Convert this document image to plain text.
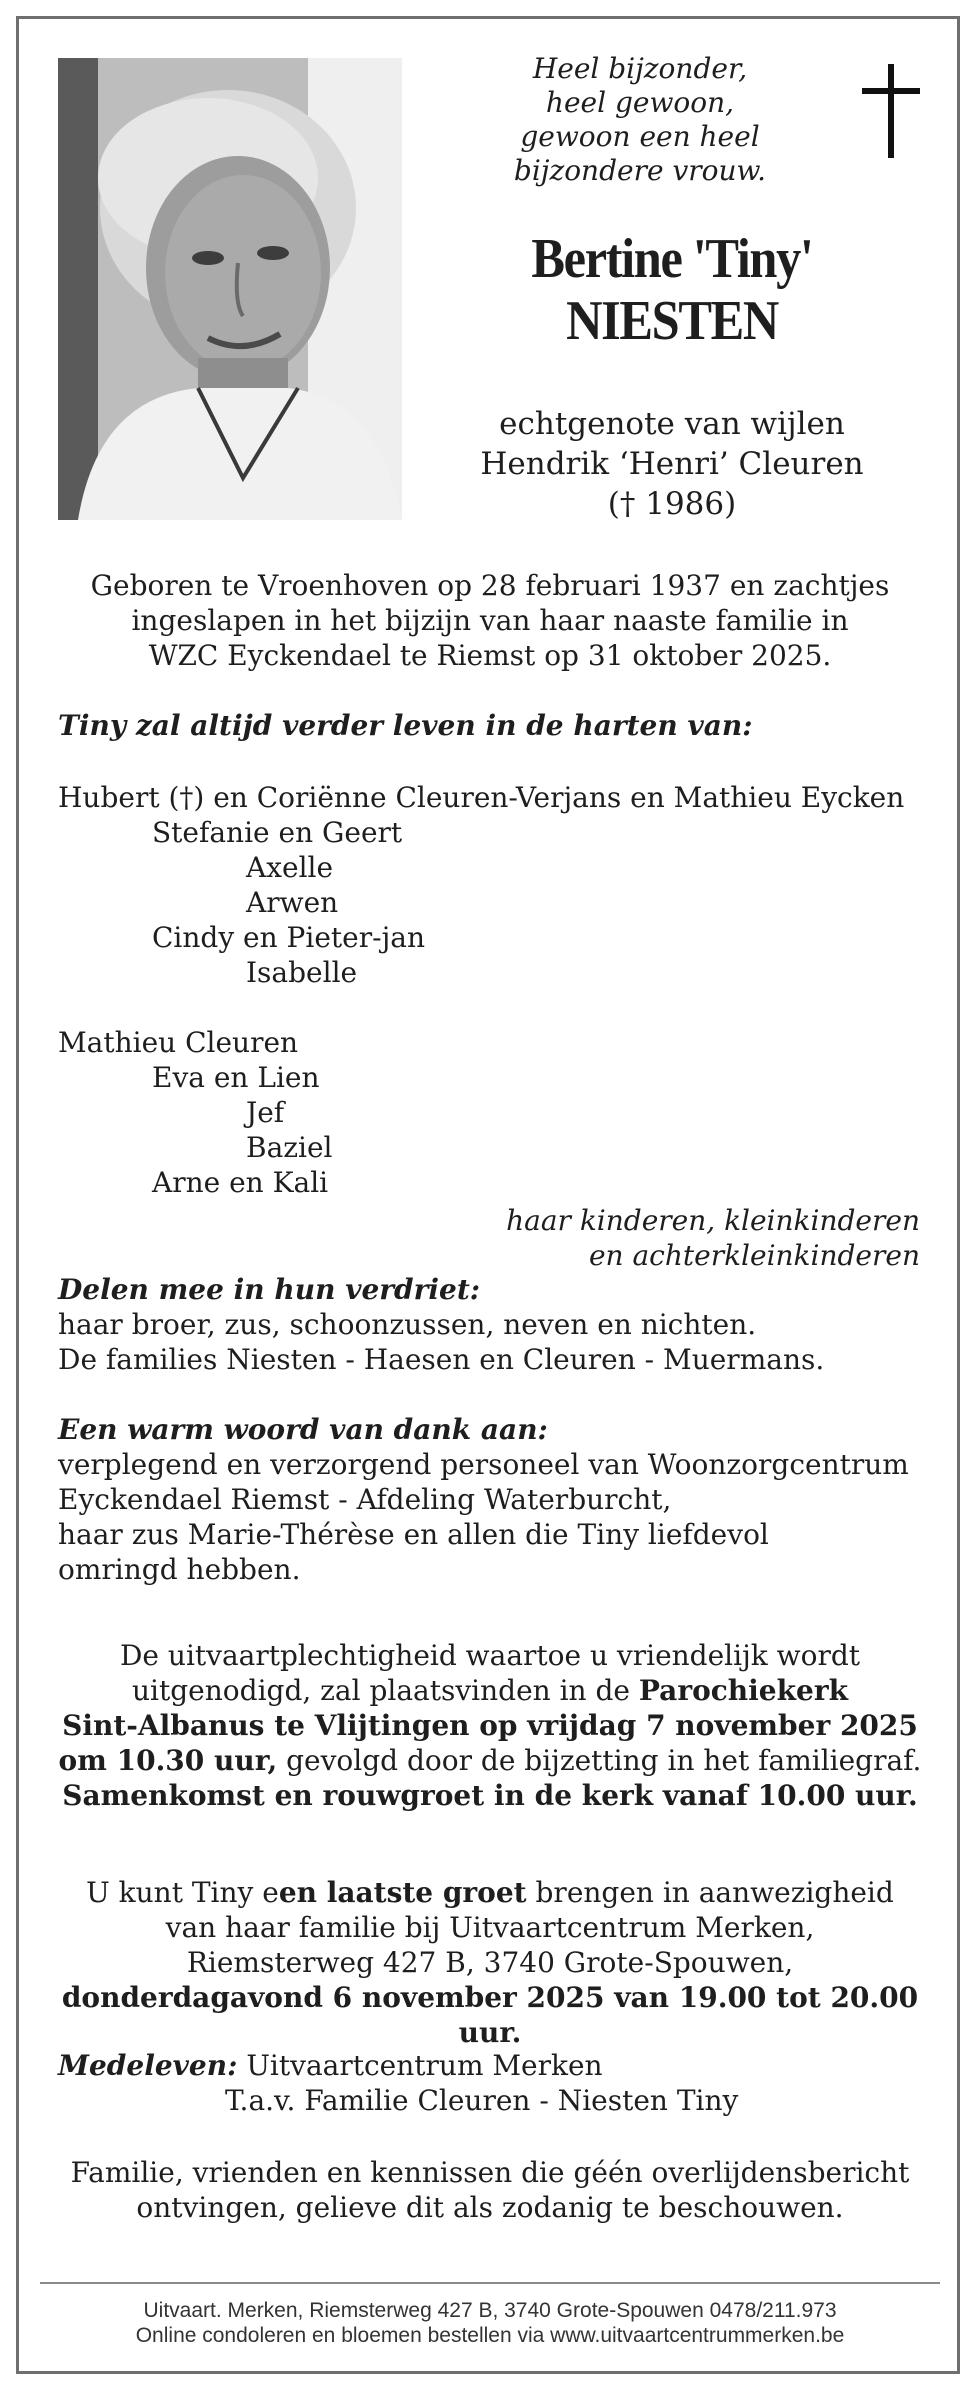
Heel bijzonder,
heel gewoon,
gewoon een heel
bijzondere vrouw.
Bertine 'Tiny'
NIESTEN
echtgenote van wijlen
Hendrik ‘Henri’ Cleuren
(† 1986)
Geboren te Vroenhoven op 28 februari 1937 en zachtjes
ingeslapen in het bijzijn van haar naaste familie in
WZC Eyckendael te Riemst op 31 oktober 2025.
Tiny zal altijd verder leven in de harten van:
Hubert (†) en Coriënne Cleuren-Verjans en Mathieu Eycken
Stefanie en Geert
Axelle
Arwen
Cindy en Pieter-jan
Isabelle
Mathieu Cleuren
Eva en Lien
Jef
Baziel
Arne en Kali
haar kinderen, kleinkinderen
en achterkleinkinderen
Delen mee in hun verdriet:
haar broer, zus, schoonzussen, neven en nichten.
De families Niesten - Haesen en Cleuren - Muermans.
Een warm woord van dank aan:
verplegend en verzorgend personeel van Woonzorgcentrum
Eyckendael Riemst - Afdeling Waterburcht,
haar zus Marie-Thérèse en allen die Tiny liefdevol
omringd hebben.
De uitvaartplechtigheid waartoe u vriendelijk wordt
uitgenodigd, zal plaatsvinden in de Parochiekerk
Sint-Albanus te Vlijtingen op vrijdag 7 november 2025
om 10.30 uur, gevolgd door de bijzetting in het familiegraf.
Samenkomst en rouwgroet in de kerk vanaf 10.00 uur.
U kunt Tiny een laatste groet brengen in aanwezigheid
van haar familie bij Uitvaartcentrum Merken,
Riemsterweg 427 B, 3740 Grote-Spouwen,
donderdagavond 6 november 2025 van 19.00 tot 20.00 uur.
Medeleven: Uitvaartcentrum Merken
T.a.v. Familie Cleuren - Niesten Tiny
Familie, vrienden en kennissen die géén overlijdensbericht
ontvingen, gelieve dit als zodanig te beschouwen.
Uitvaart. Merken, Riemsterweg 427 B, 3740 Grote-Spouwen 0478/211.973
Online condoleren en bloemen bestellen via www.uitvaartcentrummerken.be
